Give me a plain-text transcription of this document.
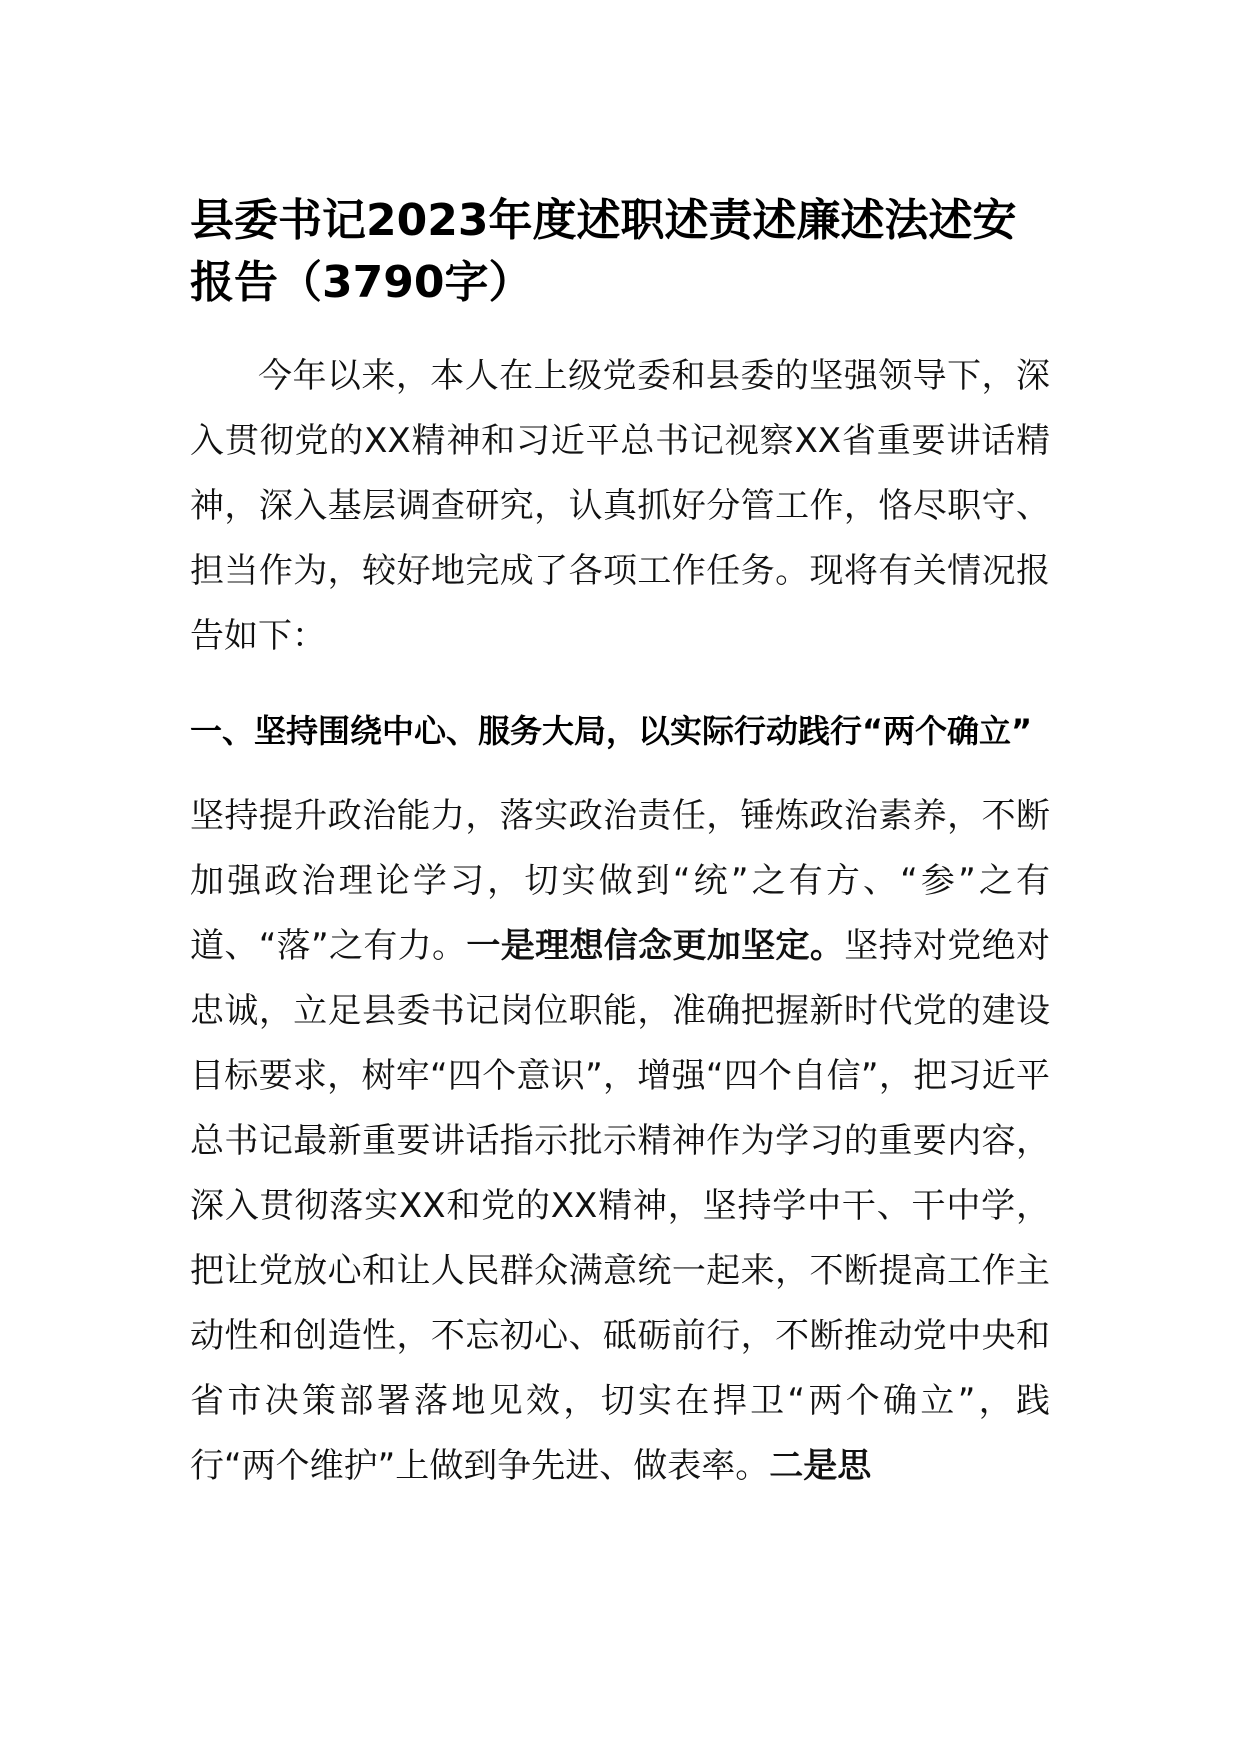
县委书记2023年度述职述责述廉述法述安报告（3790字）

今年以来，本人在上级党委和县委的坚强领导下，深入贯彻党的XX精神和习近平总书记视察XX省重要讲话精神，深入基层调查研究，认真抓好分管工作，恪尽职守、担当作为，较好地完成了各项工作任务。现将有关情况报告如下：

一、坚持围绕中心、服务大局，以实际行动践行“两个确立”

坚持提升政治能力，落实政治责任，锤炼政治素养，不断加强政治理论学习，切实做到“统”之有方、“参”之有道、“落”之有力。一是理想信念更加坚定。坚持对党绝对忠诚，立足县委书记岗位职能，准确把握新时代党的建设目标要求，树牢“四个意识”，增强“四个自信”，把习近平总书记最新重要讲话指示批示精神作为学习的重要内容，深入贯彻落实XX和党的XX精神，坚持学中干、干中学，把让党放心和让人民群众满意统一起来，不断提高工作主动性和创造性，不忘初心、砥砺前行，不断推动党中央和省市决策部署落地见效，切实在捍卫“两个确立”，践行“两个维护”上做到争先进、做表率。二是思
